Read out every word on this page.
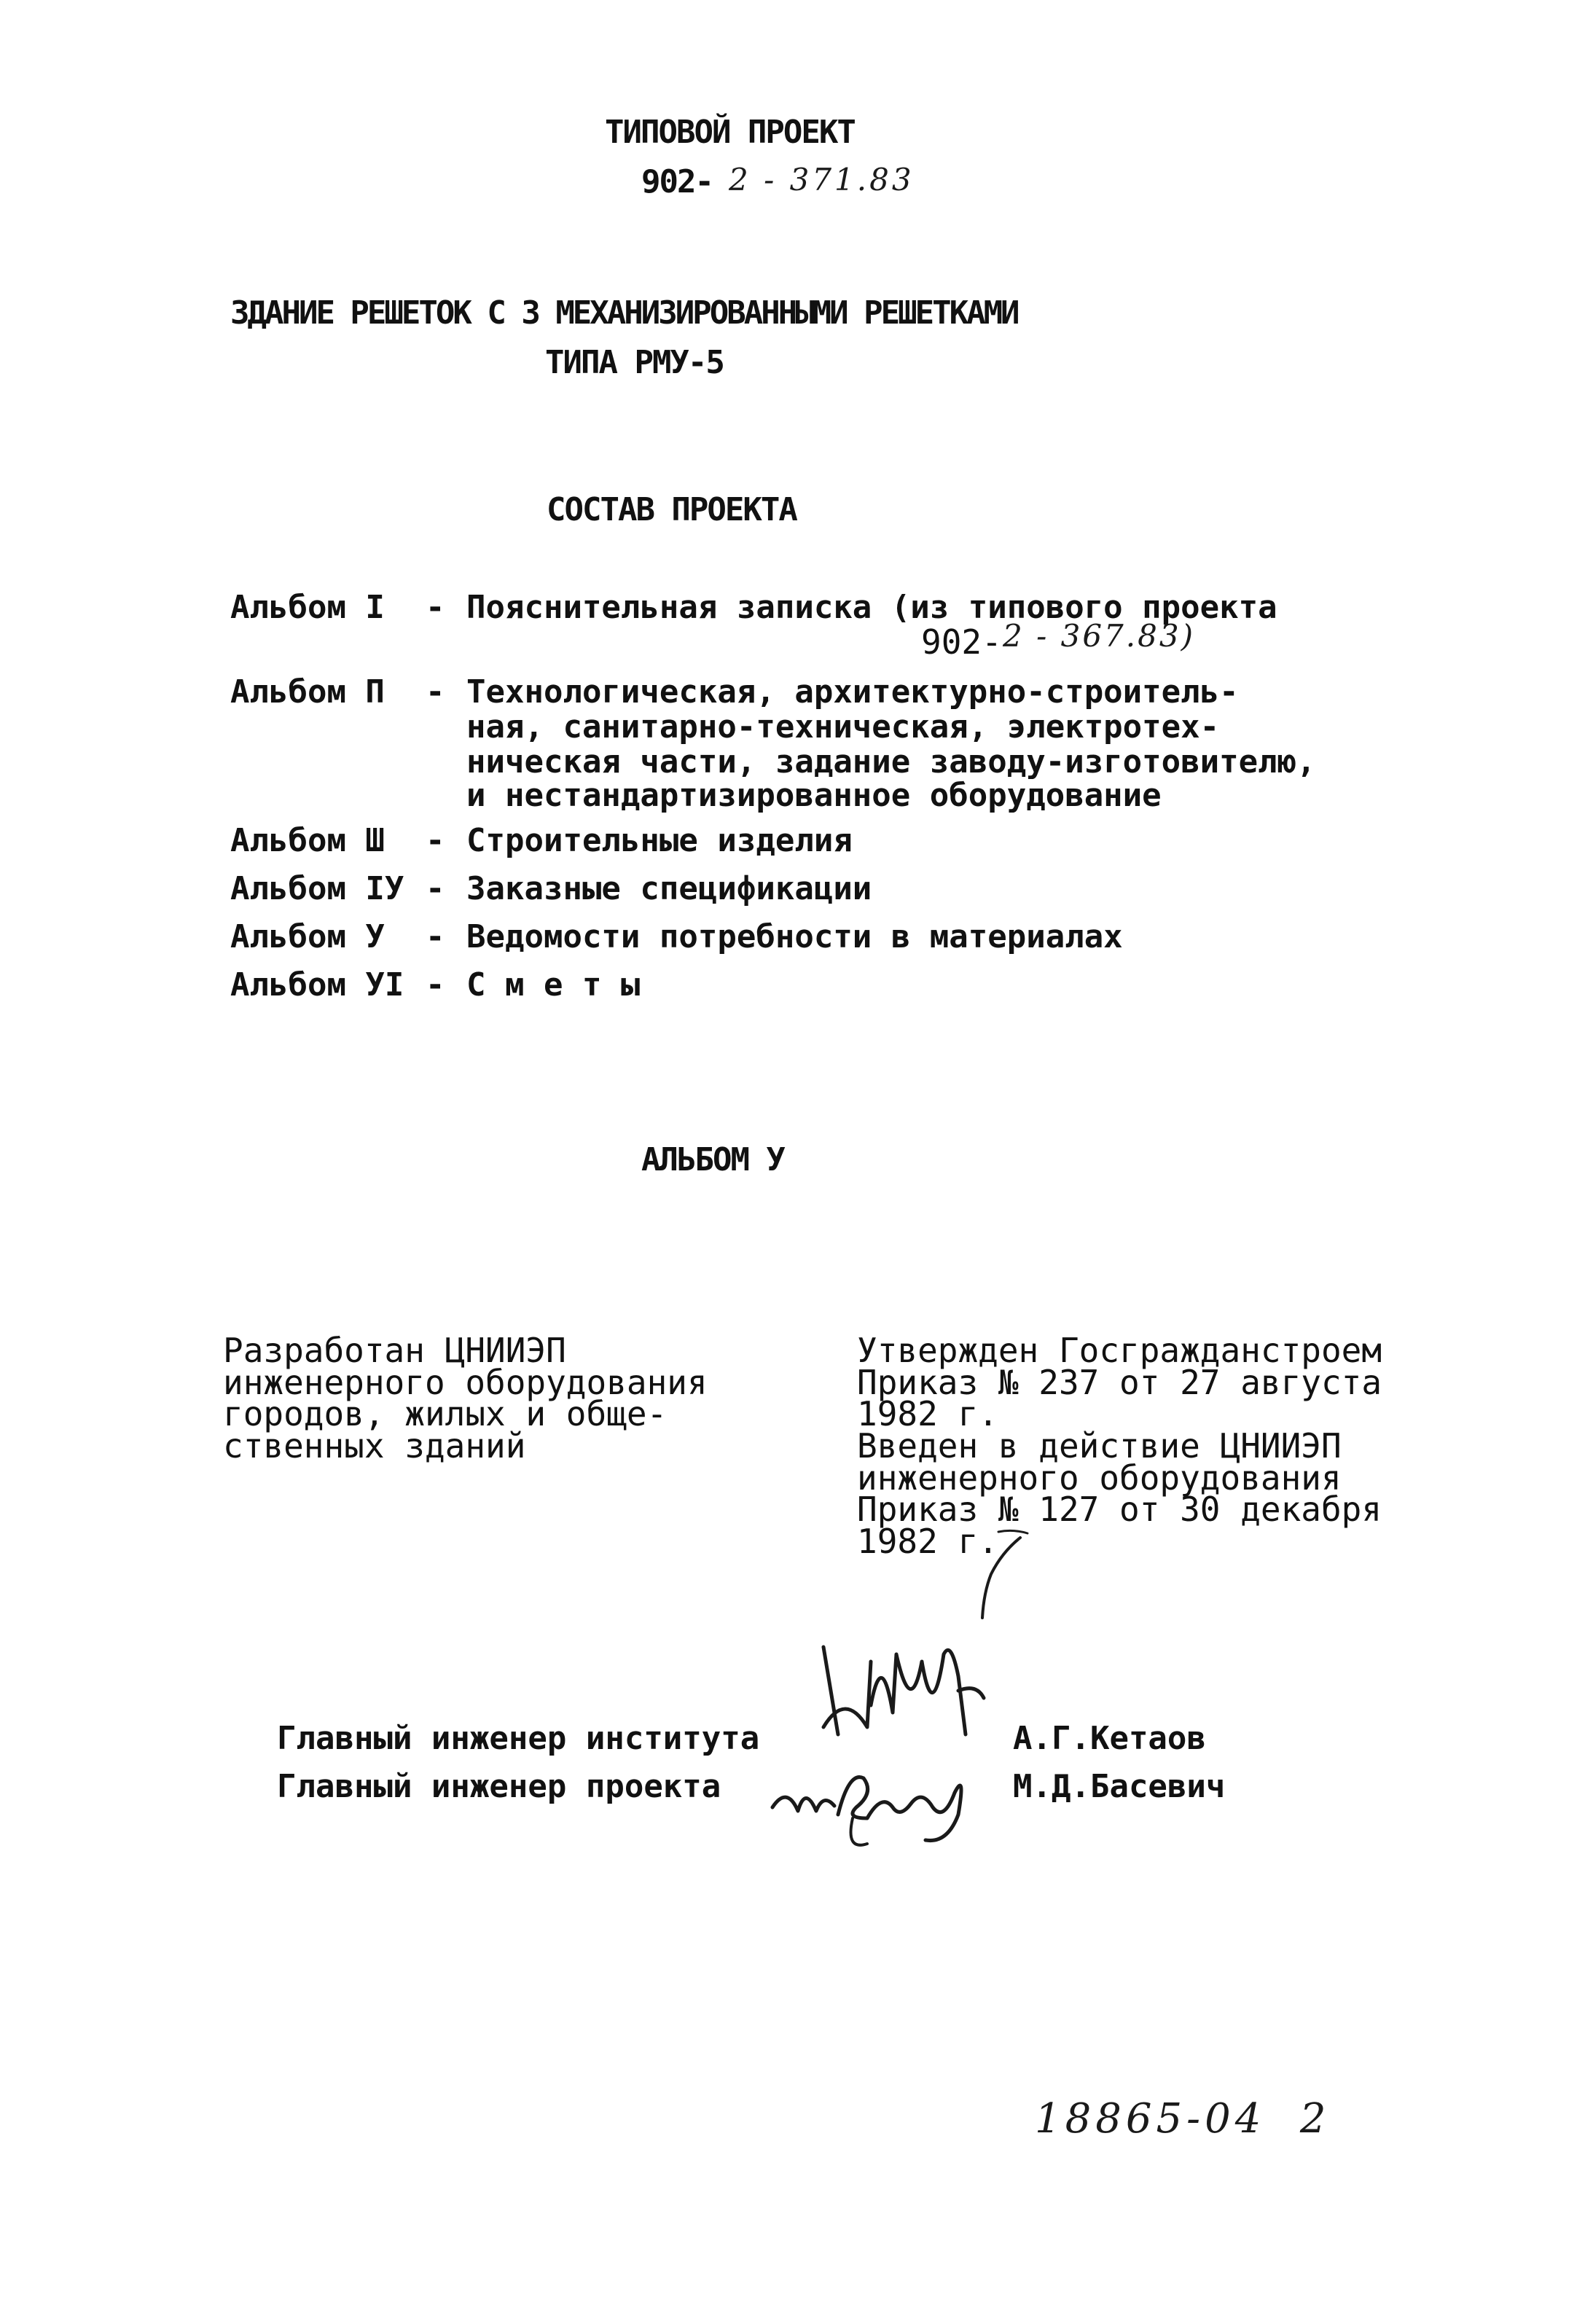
ТИПОВОЙ ПРОЕКТ
902- 2 - 371.83
ЗДАНИЕ РЕШЕТОК С 3 МЕХАНИЗИРОВАННЫМИ РЕШЕТКАМИ
ТИПА РМУ-5
СОСТАВ ПРОЕКТА
Альбом I - Пояснительная записка (из типового проекта
902- 2 - 367.83)
Альбом П - Технологическая, архитектурно-строитель-
ная, санитарно-техническая, электротех-
ническая части, задание заводу-изготовителю,
и нестандартизированное оборудование
Альбом Ш - Строительные изделия
Альбом IУ - Заказные спецификации
Альбом У - Ведомости потребности в материалах
Альбом УI - С м е т ы
АЛЬБОМ У
Разработан ЦНИИЭП
инженерного оборудования
городов, жилых и обще-
ственных зданий
Утвержден Госгражданстроем
Приказ № 237 от 27 августа
1982 г.
Введен в действие ЦНИИЭП
инженерного оборудования
Приказ № 127 от 30 декабря
1982 г.
Главный инженер института	А.Г.Кетаов
Главный инженер проекта	М.Д.Басевич
18865-04  2
